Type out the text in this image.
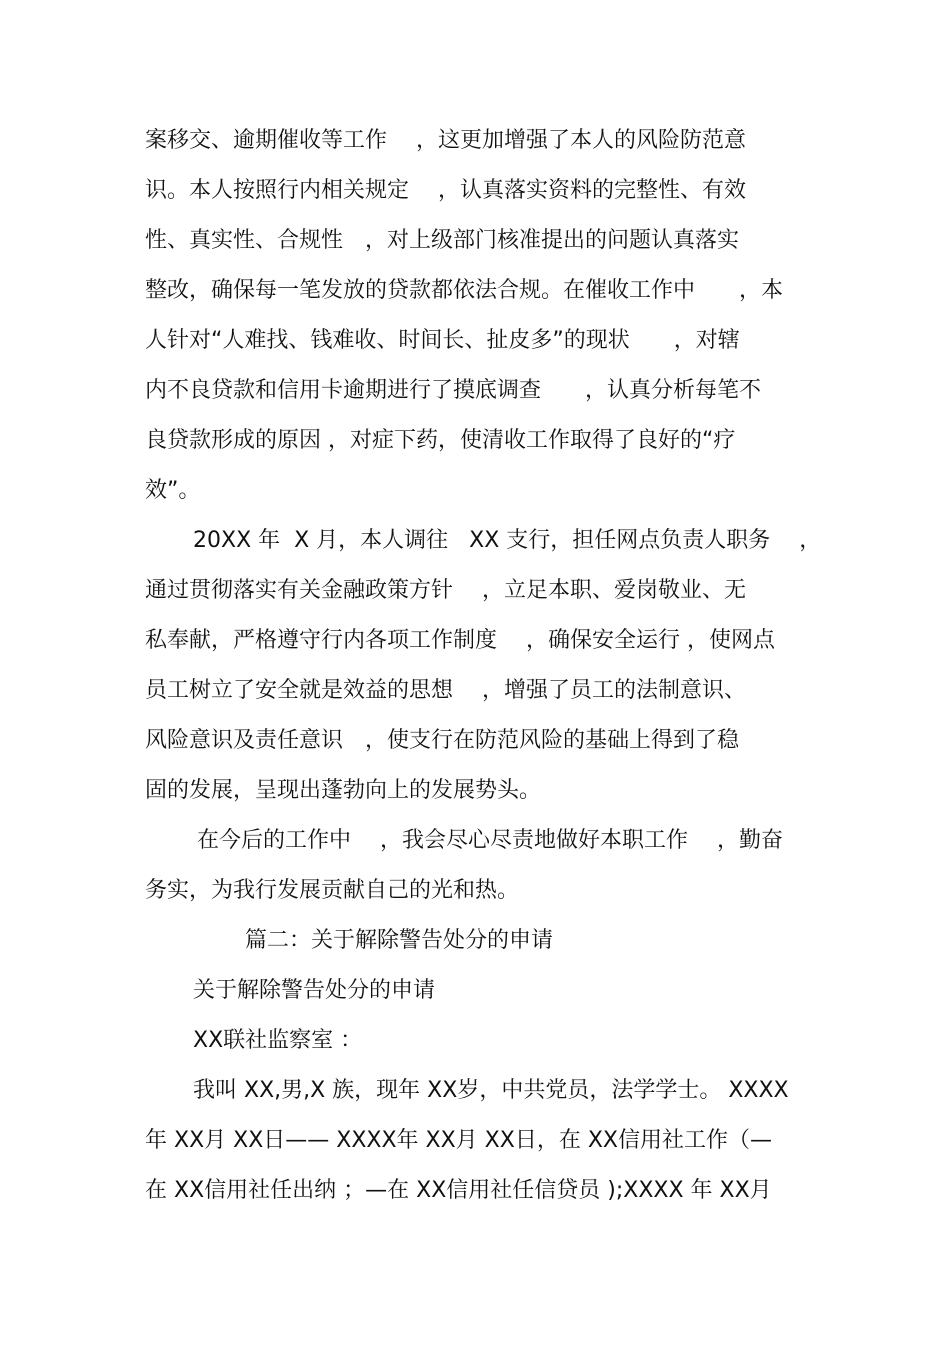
案移交、逾期催收等工作　 ，这更加增强了本人的风险防范意
识。本人按照行内相关规定　 ，认真落实资料的完整性、有效
性、真实性、合规性　，对上级部门核准提出的问题认真落实
整改，确保每一笔发放的贷款都依法合规。在催收工作中　　，本
人针对“人难找、钱难收、时间长、扯皮多”的现状　　，对辖
内不良贷款和信用卡逾期进行了摸底调查　　，认真分析每笔不
良贷款形成的原因 ，对症下药，使清收工作取得了良好的“疗
效”。
20XX 年  X 月，本人调往   XX 支行，担任网点负责人职务　 ，
通过贯彻落实有关金融政策方针　 ，立足本职、爱岗敬业、无
私奉献，严格遵守行内各项工作制度　 ，确保安全运行 ，使网点
员工树立了安全就是效益的思想　 ，增强了员工的法制意识、
风险意识及责任意识　，使支行在防范风险的基础上得到了稳
固的发展，呈现出蓬勃向上的发展势头。
在今后的工作中 　，我会尽心尽责地做好本职工作　 ，勤奋
务实，为我行发展贡献自己的光和热。
篇二：关于解除警告处分的申请
关于解除警告处分的申请
XX联社监察室 ：
我叫 XX,男,X 族，现年 XX岁，中共党员，法学学士。 XXXX
年 XX月 XX日—— XXXX年 XX月 XX日，在 XX信用社工作（—
在 XX信用社任出纳 ；—在 XX信用社任信贷员 );XXXX 年 XX月
